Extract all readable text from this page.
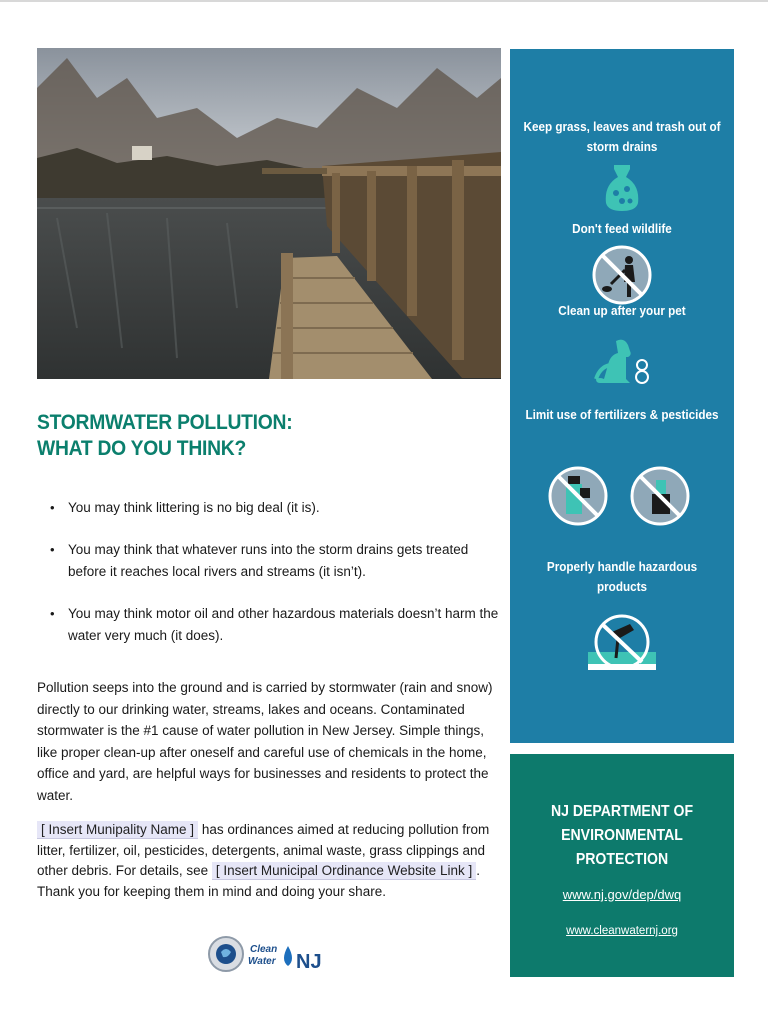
STORMWATER POLLUTION:
WHAT DO YOU THINK?
• You may think littering is no big deal (it is).
• You may think that whatever runs into the storm drains gets treated before it reaches local rivers and streams (it isn’t).
• You may think motor oil and other hazardous materials doesn’t harm the water very much (it does).

Pollution seeps into the ground and is carried by stormwater (rain and snow) directly to our drinking water, streams, lakes and oceans. Contaminated stormwater is the #1 cause of water pollution in New Jersey. Simple things, like proper clean-up after oneself and careful use of chemicals in the home, office and yard, are helpful ways for businesses and residents to protect the water.

[ Insert Munipality Name ] has ordinances aimed at reducing pollution from litter, fertilizer, oil, pesticides, detergents, animal waste, grass clippings and other debris. For details, see [ Insert Municipal Ordinance Website Link ] . Thank you for keeping them in mind and doing your share.

Clean
Water NJ
Keep grass, leaves and trash out of storm drains
Don't feed wildlife
Clean up after your pet
Limit use of fertilizers & pesticides
Properly handle hazardous products
NJ DEPARTMENT OF
ENVIRONMENTAL
PROTECTION
www.nj.gov/dep/dwq
www.cleanwaternj.org
